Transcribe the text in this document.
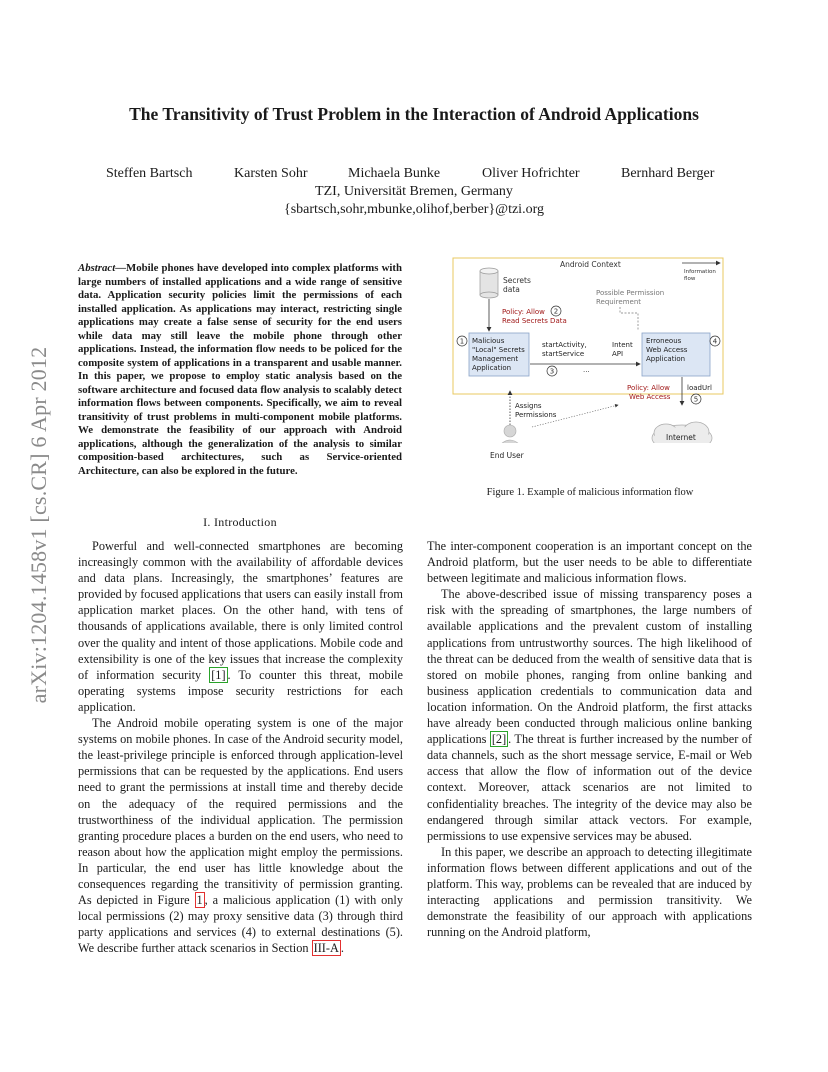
arXiv:1204.1458v1 [cs.CR] 6 Apr 2012
The Transitivity of Trust Problem in the Interaction of Android Applications
Steffen Bartsch	Karsten Sohr	Michaela Bunke	Oliver Hofrichter	Bernhard Berger
TZI, Universität Bremen, Germany
{sbartsch,sohr,mbunke,olihof,berber}@tzi.org

Abstract—Mobile phones have developed into complex platforms with large numbers of installed applications and a wide range of sensitive data. Application security policies limit the permissions of each installed application. As applications may interact, restricting single applications may create a false sense of security for the end users while data may still leave the mobile phone through other applications. Instead, the information flow needs to be policed for the composite system of applications in a transparent and usable manner. In this paper, we propose to employ static analysis based on the software architecture and focused data flow analysis to scalably detect information flows between components. Specifically, we aim to reveal transitivity of trust problems in multi-component mobile platforms. We demonstrate the feasibility of our approach with Android applications, although the generalization of the analysis to similar composition-based architectures, such as Service-oriented Architecture, can also be explored in the future.

Android Context
Information
flow
Secrets
data	Possible Permission
Requirement
Policy: Allow
Read Secrets Data
2
1 Malicious
"Local" Secrets
Management
Application
startActivity,
startService
Intent
API
...
3
Erroneous
Web Access
Application
4
Policy: Allow
Web Access
loadUrl
5
Internet
Assigns
Permissions
End User
Figure 1. Example of malicious information flow
I. Introduction

Powerful and well-connected smartphones are becoming increasingly common with the availability of affordable devices and data plans. Increasingly, the smartphones’ features are provided by focused applications that users can easily install from application market places. On the other hand, with tens of thousands of applications available, there is only limited control over the quality and intent of those applications. Mobile code and extensibility is one of the key issues that increase the complexity of information security [1] . To counter this threat, mobile operating systems impose security restrictions for each application.

The Android mobile operating system is one of the major systems on mobile phones. In case of the Android security model, the least-privilege principle is enforced through application-level permissions that can be requested by the applications. End users need to grant the permissions at install time and thereby decide on the adequacy of the required permissions and the trustworthiness of the individual application. The permission granting procedure places a burden on the end users, who need to reason about how the application might employ the permissions. In particular, the end user has little knowledge about the consequences regarding the transitivity of permission granting. As depicted in Figure 1 , a malicious application (1) with only local permissions (2) may proxy sensitive data (3) through third party applications and services (4) to external destinations (5). We describe further attack scenarios in Section III-A .

The inter-component cooperation is an important concept on the Android platform, but the user needs to be able to differentiate between legitimate and malicious information flows.

The above-described issue of missing transparency poses a risk with the spreading of smartphones, the large numbers of available applications and the prevalent custom of installing applications from untrustworthy sources. The high likelihood of the threat can be deduced from the wealth of sensitive data that is stored on mobile phones, ranging from online banking and business application credentials to communication data and location information. On the Android platform, the first attacks have already been conducted through malicious online banking applications [2] . The threat is further increased by the number of data channels, such as the short message service, E-mail or Web access that allow the flow of information out of the device context. Moreover, attack scenarios are not limited to confidentiality breaches. The integrity of the device may also be endangered through similar attack vectors. For example, permissions to use expensive services may be abused.

In this paper, we describe an approach to detecting illegitimate information flows between different applications and out of the platform. This way, problems can be revealed that are induced by interacting applications and permission transitivity. We demonstrate the feasibility of our approach with applications running on the Android platform,
